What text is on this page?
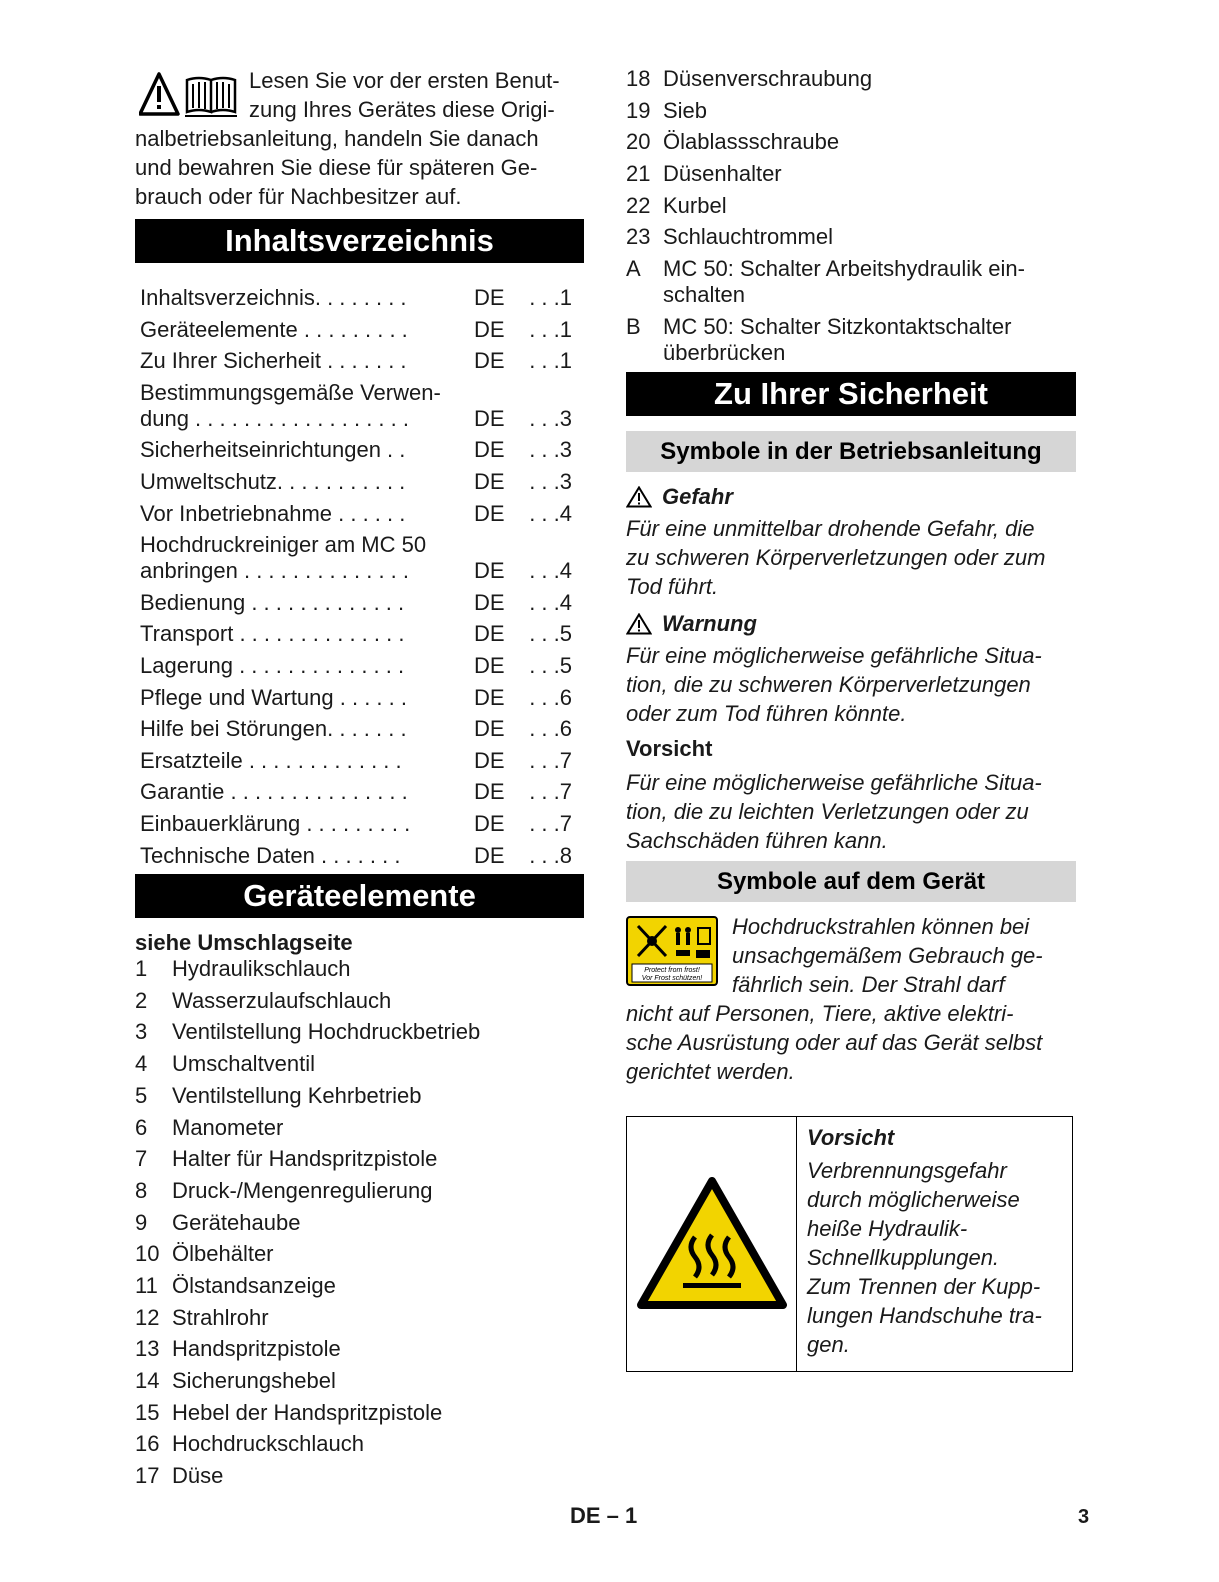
Lesen Sie vor der ersten Benut-
zung Ihres Gerätes diese Origi-
nalbetriebsanleitung, handeln Sie danach
und bewahren Sie diese für späteren Ge-
brauch oder für Nachbesitzer auf.

Inhaltsverzeichnis
Inhaltsverzeichnis. . . . . . . .	DE	. . .1
Geräteelemente . . . . . . . . .	DE	. . .1
Zu Ihrer Sicherheit . . . . . . .	DE	. . .1
Bestimmungsgemäße Verwen-
dung . . . . . . . . . . . . . . . . . .	DE	. . .3
Sicherheitseinrichtungen . .	DE	. . .3
Umweltschutz. . . . . . . . . . .	DE	. . .3
Vor Inbetriebnahme . . . . . .	DE	. . .4
Hochdruckreiniger am MC 50
anbringen . . . . . . . . . . . . . .	DE	. . .4
Bedienung . . . . . . . . . . . . .	DE	. . .4
Transport . . . . . . . . . . . . . .	DE	. . .5
Lagerung . . . . . . . . . . . . . .	DE	. . .5
Pflege und Wartung . . . . . .	DE	. . .6
Hilfe bei Störungen. . . . . . .	DE	. . .6
Ersatzteile . . . . . . . . . . . . .	DE	. . .7
Garantie . . . . . . . . . . . . . . .	DE	. . .7
Einbauerklärung . . . . . . . . .	DE	. . .7
Technische Daten . . . . . . .	DE	. . .8
Geräteelemente
siehe Umschlagseite
1	Hydraulikschlauch
2	Wasserzulaufschlauch
3	Ventilstellung Hochdruckbetrieb
4	Umschaltventil
5	Ventilstellung Kehrbetrieb
6	Manometer
7	Halter für Handspritzpistole
8	Druck-/Mengenregulierung
9	Gerätehaube
10 Ölbehälter
11 Ölstandsanzeige
12 Strahlrohr
13 Handspritzpistole
14 Sicherungshebel
15 Hebel der Handspritzpistole
16 Hochdruckschlauch
17 Düse
18 Düsenverschraubung
19 Sieb
20 Ölablassschraube
21 Düsenhalter
22 Kurbel
23 Schlauchtrommel
A	MC 50: Schalter Arbeitshydraulik ein-
schalten
B	MC 50: Schalter Sitzkontaktschalter
überbrücken
Zu Ihrer Sicherheit
Symbole in der Betriebsanleitung
Gefahr
Für eine unmittelbar drohende Gefahr, die
zu schweren Körperverletzungen oder zum
Tod führt.
Warnung
Für eine möglicherweise gefährliche Situa-
tion, die zu schweren Körperverletzungen
oder zum Tod führen könnte.
Vorsicht
Für eine möglicherweise gefährliche Situa-
tion, die zu leichten Verletzungen oder zu
Sachschäden führen kann.
Symbole auf dem Gerät
Protect from frost!
Vor Frost schützen!
Hochdruckstrahlen können bei
unsachgemäßem Gebrauch ge-
fährlich sein. Der Strahl darf
nicht auf Personen, Tiere, aktive elektri-
sche Ausrüstung oder auf das Gerät selbst
gerichtet werden.
Vorsicht

Verbrennungsgefahr
durch möglicherweise
heiße Hydraulik-
Schnellkupplungen.
Zum Trennen der Kupp-
lungen Handschuhe tra-
gen.
DE – 1	3
